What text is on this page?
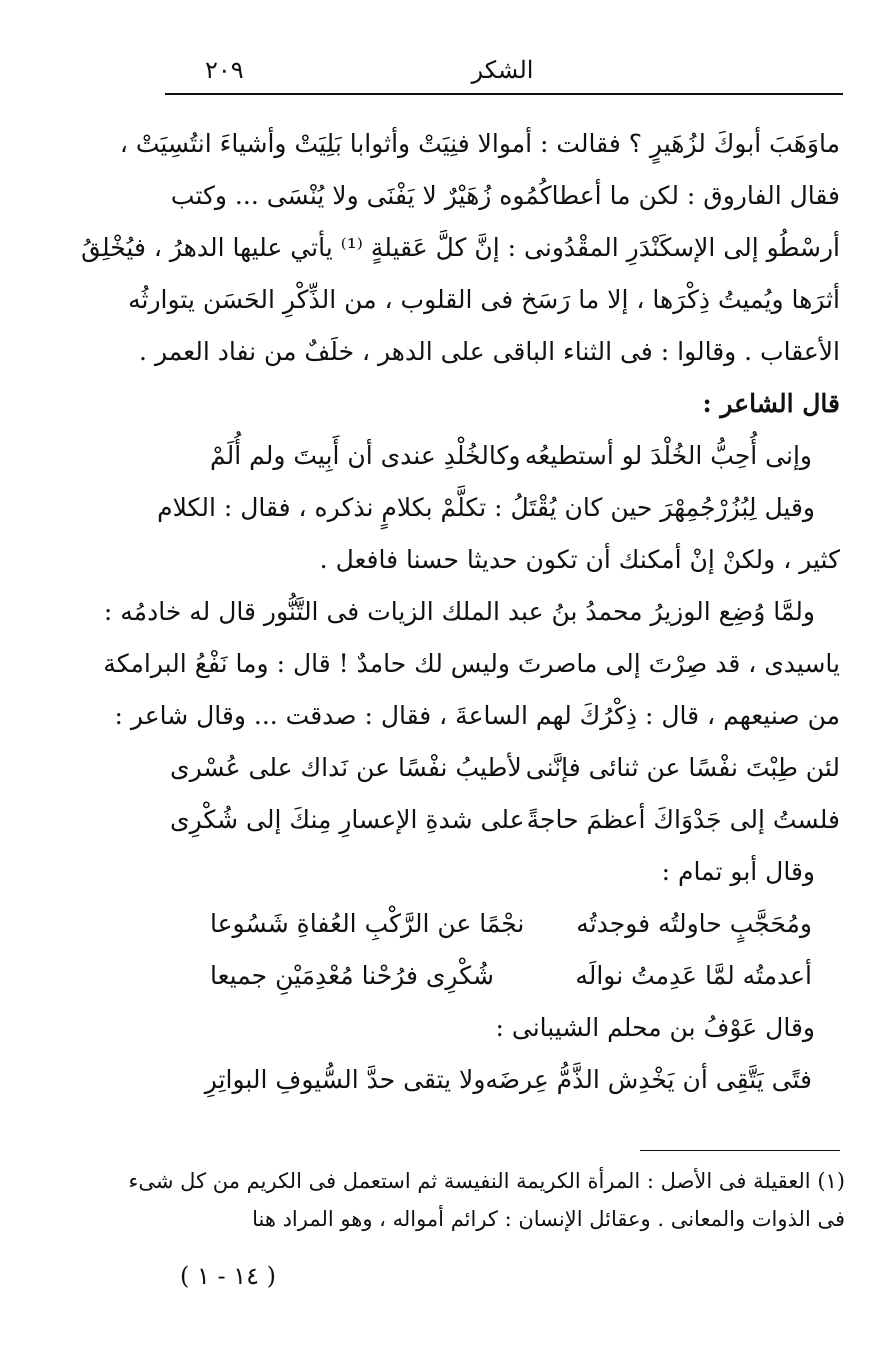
الشكر
٢٠٩
ماوَهَبَ أبوكَ لزُهَيرٍ ؟ فقالت : أموالا فنِيَتْ وأثوابا بَلِيَتْ وأشياءَ انتُسِيَتْ ،
فقال الفاروق : لكن ما أعطاكُمُوه زُهَيْرٌ لا يَفْنَى ولا يُنْسَى ... وكتب
أرسْطُو إلى الإسكَنْدَرِ المقْدُونى : إنَّ كلَّ عَقيلةٍ ⁽¹⁾ يأتي عليها الدهرُ ، فيُخْلِقُ
أثرَها ويُميتُ ذِكْرَها ، إلا ما رَسَخ فى القلوب ، من الذِّكْرِ الحَسَن يتوارثُه
الأعقاب . وقالوا : فى الثناء الباقى على الدهر ، خلَفٌ من نفاد العمر .
قال الشاعر :
وإنى أُحِبُّ الخُلْدَ لو أستطيعُه
وكالخُلْدِ عندى أن أَبِيتَ ولم أُلَمْ
وقيل لِبُزُرْجُمِهْرَ حين كان يُقْتَلُ : تكلَّمْ بكلامٍ نذكره ، فقال : الكلام
كثير ، ولكنْ إنْ أمكنك أن تكون حديثا حسنا فافعل .
ولمَّا وُضِع الوزيرُ محمدُ بنُ عبد الملك الزيات فى التَّنُّور قال له خادمُه :
ياسيدى ، قد صِرْتَ إلى ماصرتَ وليس لك حامدٌ ! قال : وما نَفْعُ البرامكة
من صنيعهم ، قال : ذِكْرُكَ لهم الساعةَ ، فقال : صدقت ... وقال شاعر :
لئن طِبْتَ نفْسًا عن ثنائى فإنَّنى
لأطيبُ نفْسًا عن نَداك على عُسْرى
فلستُ إلى جَدْوَاكَ أعظمَ حاجةً
على شدةِ الإعسارِ مِنكَ إلى شُكْرِى
وقال أبو تمام :
ومُحَجَّبٍ حاولتُه فوجدتُه
نجْمًا عن الرَّكْبِ العُفاةِ شَسُوعا
أعدمتُه لمَّا عَدِمتُ نوالَه
شُكْرِى فرُحْنا مُعْدِمَيْنِ جميعا
وقال عَوْفُ بن محلم الشيبانى :
فتًى يَتَّقِى أن يَخْدِش الذَّمُّ عِرضَه
ولا يتقى حدَّ السُّيوفِ البواتِرِ
(١) العقيلة فى الأصل : المرأة الكريمة النفيسة ثم استعمل فى الكريم من كل شىء
فى الذوات والمعانى . وعقائل الإنسان : كرائم أمواله ، وهو المراد هنا
( ١٤ - ١ )
